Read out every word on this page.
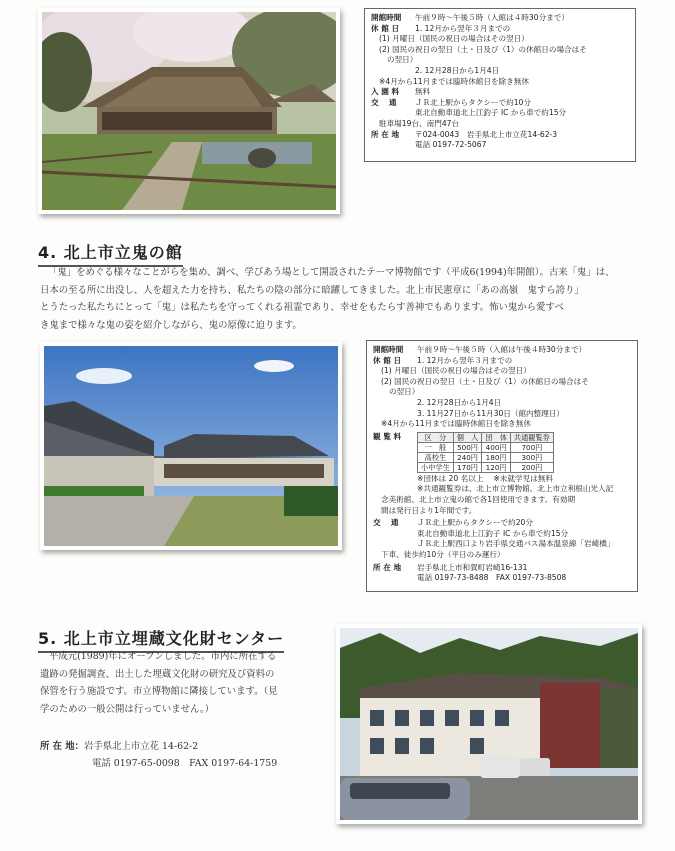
開館時間 午前９時～午後５時（入館は４時30分まで）
休 館 日 1. 12月から翌年３月までの
(1) 月曜日（国民の祝日の場合はその翌日）
(2) 国民の祝日の翌日（土・日及び（1）の休館日の場合はそ
の翌日）
2. 12月28日から1月4日
※4月から11月までは臨時休館日を除き無休
入 園 料 無料
交　 通 ＪＲ北上駅からタクシーで約10分
東北自動車道北上江釣子 IC から車で約15分
駐車場19台、南門47台
所 在 地 〒024-0043　岩手県北上市立花14-62-3
電話 0197-72-5067
4. 北上市立鬼の館
「鬼」をめぐる様々なことがらを集め、調べ、学びあう場として開設されたテーマ博物館です（平成6(1994)年開館）。古来「鬼」は、
日本の至る所に出没し、人を超えた力を持ち、私たちの陰の部分に暗躍してきました。北上市民憲章に「あの高嶺　鬼すら誇り」
とうたった私たちにとって「鬼」は私たちを守ってくれる祖霊であり、幸せをもたらす善神でもあります。怖い鬼から愛すべ
き鬼まで様々な鬼の姿を紹介しながら、鬼の原像に迫ります。
開館時間 午前９時～午後５時（入館は午後４時30分まで）
休 館 日 1. 12月から翌年３月までの
(1) 月曜日（国民の祝日の場合はその翌日）
(2) 国民の祝日の翌日（土・日及び（1）の休館日の場合はそ
の翌日）
2. 12月28日から1月4日
3. 11月27日から11月30日（館内整理日）
※4月から11月までは臨時休館日を除き無休
観 覧 料	区　分	個　人	団　体	共通観覧券
一　般	500円	400円	700円
高校生	240円	180円	300円
小中学生	170円	120円	200円
※団体は 20 名以上　 ※未就学児は無料
※共通観覧券は、北上市立博物館、北上市立利根山光人記
念美術館、北上市立鬼の館で各1回使用できます。有効期
間は発行日より1年間です。
交　 通 ＪＲ北上駅からタクシーで約20分
東北自動車道北上江釣子 IC から車で約15分
ＪＲ北上駅西口より岩手県交通バス湯本温泉線「岩崎橋」
下車、徒歩約10分（平日のみ運行）
所 在 地 岩手県北上市和賀町岩崎16-131
電話 0197-73-8488　FAX 0197-73-8508
5. 北上市立埋蔵文化財センター
平成元(1989)年にオープンしました。市内に所在する
遺跡の発掘調査、出土した埋蔵文化財の研究及び資料の
保管を行う施設です。市立博物館に隣接しています。（見
学のための一般公開は行っていません。）
所 在 地：岩手県北上市立花 14-62-2
電話 0197-65-0098　FAX 0197-64-1759
